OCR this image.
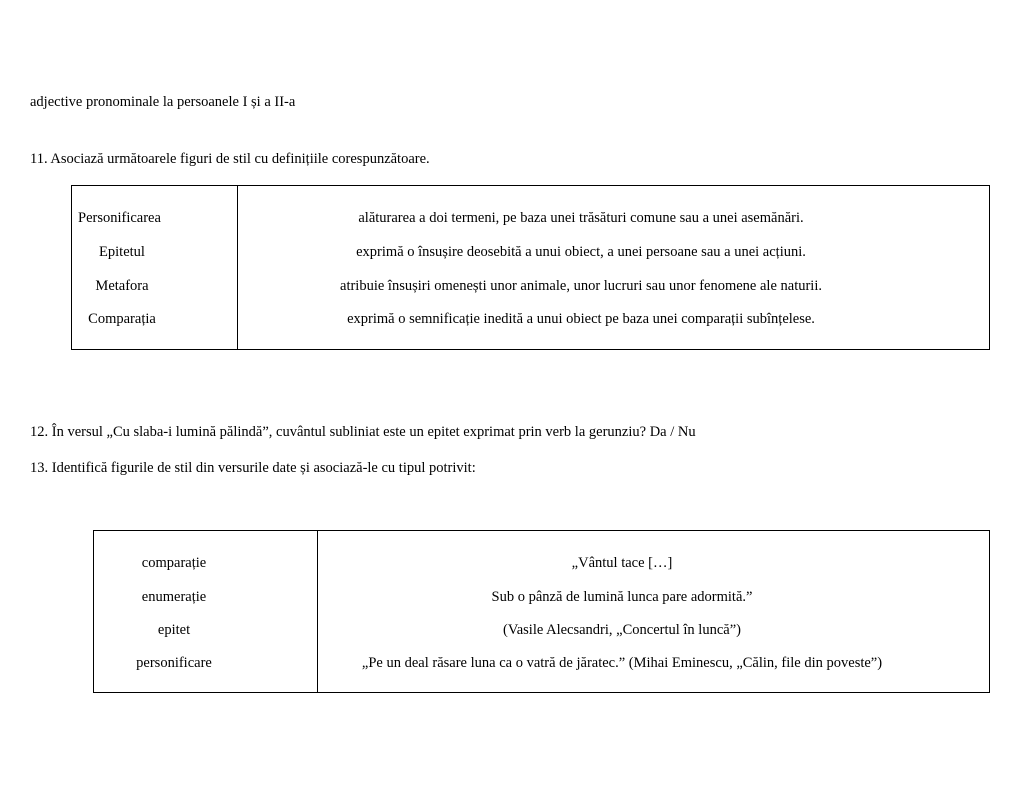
adjective pronominale la persoanele I și a II-a
11. Asociază următoarele figuri de stil cu definițiile corespunzătoare.
Personificarea
Epitetul
Metafora
Comparația
alăturarea a doi termeni, pe baza unei trăsături comune sau a unei asemănări.
exprimă o însușire deosebită a unui obiect, a unei persoane sau a unei acțiuni.
atribuie însușiri omenești unor animale, unor lucruri sau unor fenomene ale naturii.
exprimă o semnificație inedită a unui obiect pe baza unei comparații subînțelese.
12. În versul „Cu slaba-i lumină pălindă”, cuvântul subliniat este un epitet exprimat prin verb la gerunziu? Da / Nu
13. Identifică figurile de stil din versurile date și asociază-le cu tipul potrivit:
comparație
enumerație
epitet
personificare
„Vântul tace […]
Sub o pânză de lumină lunca pare adormită.”
(Vasile Alecsandri, „Concertul în luncă”)
„Pe un deal răsare luna ca o vatră de jăratec.” (Mihai Eminescu, „Călin, file din poveste”)
